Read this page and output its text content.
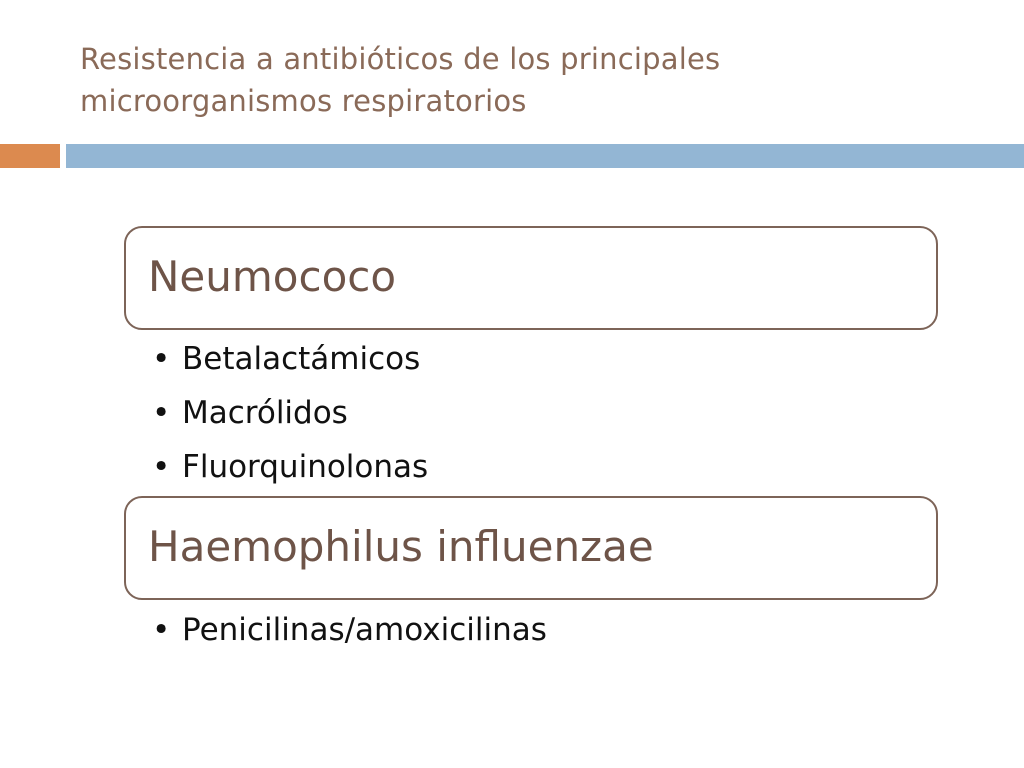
Resistencia a antibióticos de los principales
microorganismos respiratorios
Neumococo
• Betalactámicos
• Macrólidos
• Fluorquinolonas
Haemophilus influenzae
• Penicilinas/amoxicilinas
